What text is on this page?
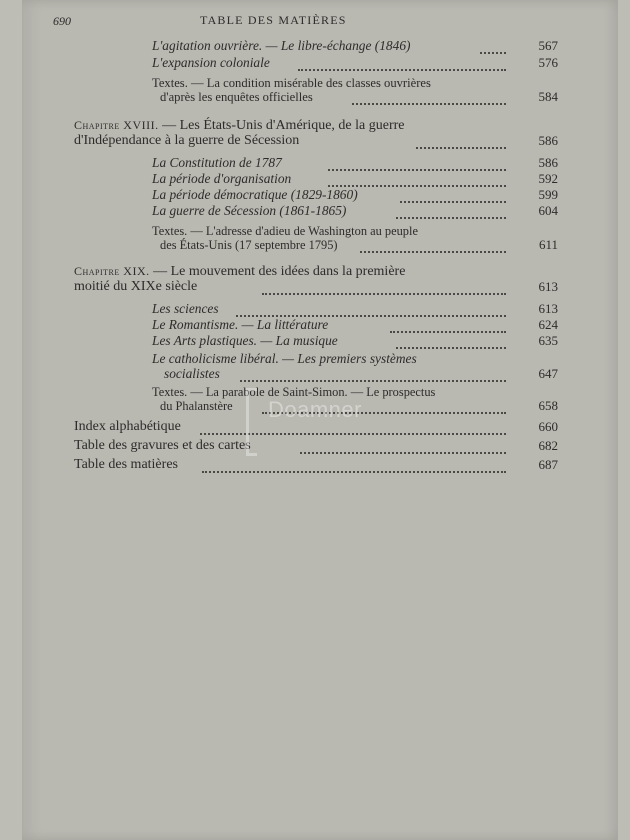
690	TABLE DES MATIÈRES
L'agitation ouvrière. — Le libre-échange (1846)	567
L'expansion coloniale	576
Textes. — La condition misérable des classes ouvrières
d'après les enquêtes officielles	584
Chapitre XVIII. — Les États-Unis d'Amérique, de la guerre
d'Indépendance à la guerre de Sécession	586
La Constitution de 1787	586
La période d'organisation	592
La période démocratique (1829-1860)	599
La guerre de Sécession (1861-1865)	604
Textes. — L'adresse d'adieu de Washington au peuple
des États-Unis (17 septembre 1795)	611
Chapitre XIX. — Le mouvement des idées dans la première
moitié du XIXe siècle	613
Les sciences	613
Le Romantisme. — La littérature	624
Les Arts plastiques. — La musique	635
Le catholicisme libéral. — Les premiers systèmes
socialistes	647
Textes. — La parabole de Saint-Simon. — Le prospectus
du Phalanstère	658
Index alphabétique	660
Table des gravures et des cartes	682
Table des matières	687
Doamner
